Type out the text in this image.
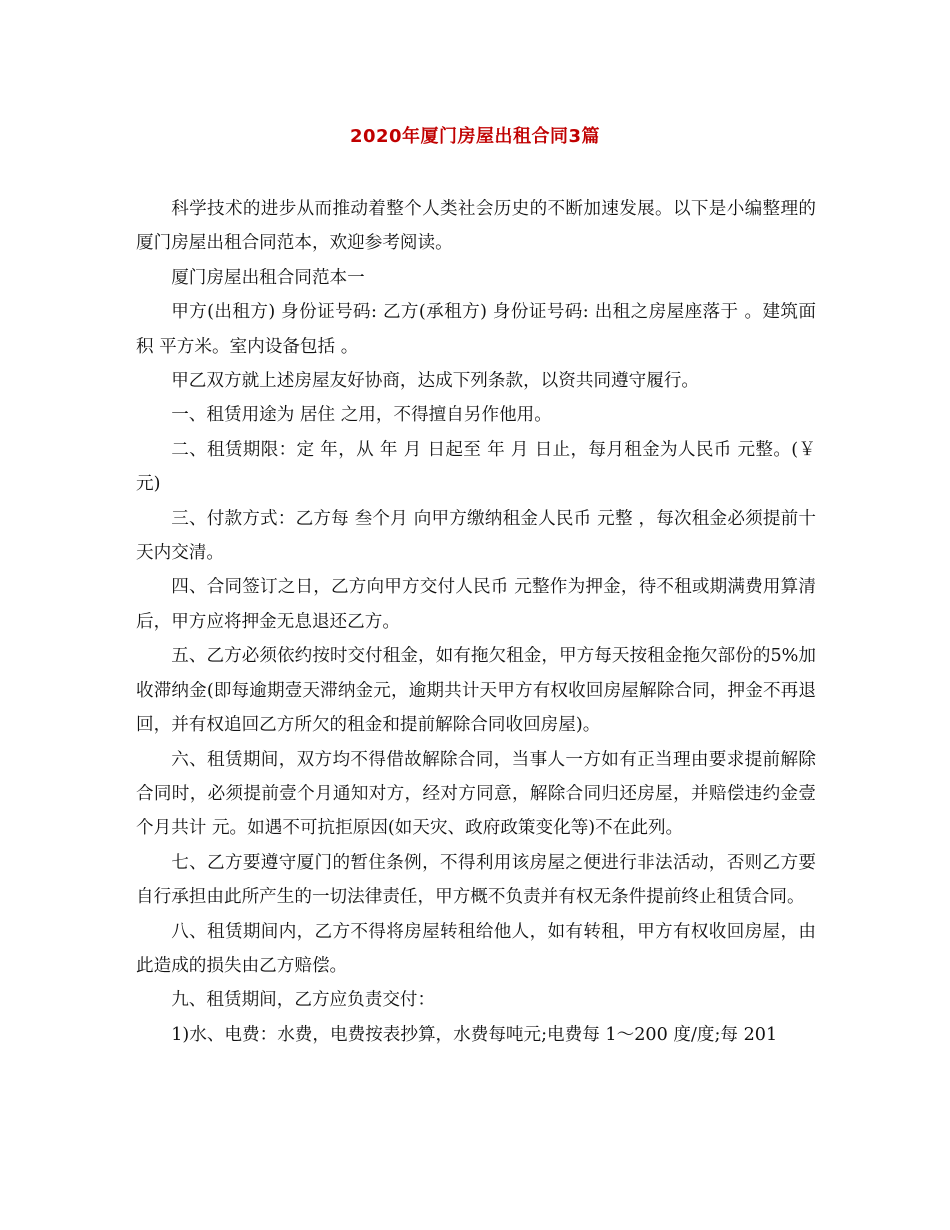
2020年厦门房屋出租合同3篇

科学技术的进步从而推动着整个人类社会历史的不断加速发展。以下是小编整理的厦门房屋出租合同范本，欢迎参考阅读。

厦门房屋出租合同范本一

甲方(出租方) 身份证号码: 乙方(承租方) 身份证号码: 出租之房屋座落于 。建筑面积 平方米。室内设备包括 。

甲乙双方就上述房屋友好协商，达成下列条款，以资共同遵守履行。

一、租赁用途为 居住 之用，不得擅自另作他用。

二、租赁期限：定 年，从 年 月 日起至 年 月 日止，每月租金为人民币 元整。(￥ 元)

三、付款方式：乙方每 叁个月 向甲方缴纳租金人民币 元整 ，每次租金必须提前十天内交清。

四、合同签订之日，乙方向甲方交付人民币 元整作为押金，待不租或期满费用算清后，甲方应将押金无息退还乙方。

五、乙方必须依约按时交付租金，如有拖欠租金，甲方每天按租金拖欠部份的5%加收滞纳金(即每逾期壹天滞纳金元，逾期共计天甲方有权收回房屋解除合同，押金不再退回，并有权追回乙方所欠的租金和提前解除合同收回房屋)。

六、租赁期间，双方均不得借故解除合同，当事人一方如有正当理由要求提前解除合同时，必须提前壹个月通知对方，经对方同意，解除合同归还房屋，并赔偿违约金壹个月共计 元。如遇不可抗拒原因(如天灾、政府政策变化等)不在此列。

七、乙方要遵守厦门的暂住条例，不得利用该房屋之便进行非法活动，否则乙方要自行承担由此所产生的一切法律责任，甲方概不负责并有权无条件提前终止租赁合同。

八、租赁期间内，乙方不得将房屋转租给他人，如有转租，甲方有权收回房屋，由此造成的损失由乙方赔偿。

九、租赁期间，乙方应负责交付：

1)水、电费：水费，电费按表抄算，水费每吨元;电费每 1～200 度/度;每 201
